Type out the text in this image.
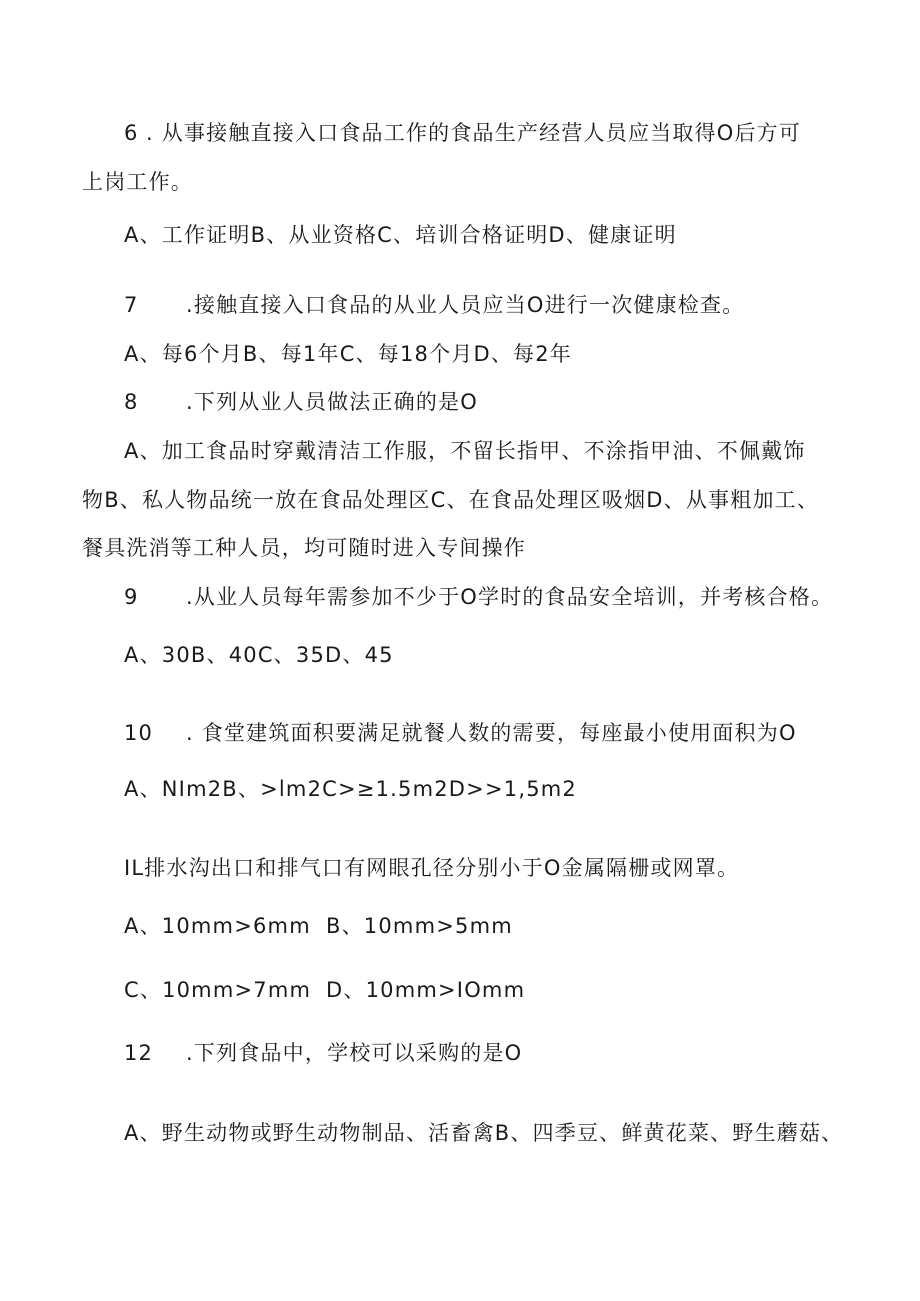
6 . 从事接触直接入口食品工作的食品生产经营人员应当取得O后方可
上岗工作。
A、工作证明B、从业资格C、培训合格证明D、健康证明
7 .接触直接入口食品的从业人员应当O进行一次健康检查。
A、每6个月B、每1年C、每18个月D、每2年
8 .下列从业人员做法正确的是O
A、加工食品时穿戴清洁工作服，不留长指甲、不涂指甲油、不佩戴饰
物B、私人物品统一放在食品处理区C、在食品处理区吸烟D、从事粗加工、
餐具洗消等工种人员，均可随时进入专间操作
9 .从业人员每年需参加不少于O学时的食品安全培训，并考核合格。
A、30B、40C、35D、45
10 . 食堂建筑面积要满足就餐人数的需要，每座最小使用面积为O
A、NIm2B、>lm2C>≥1.5m2D>>1,5m2
IL排水沟出口和排气口有网眼孔径分别小于O金属隔栅或网罩。
A、10mm>6mm B、10mm>5mm
C、10mm>7mm D、10mm>IOmm
12 .下列食品中，学校可以采购的是O
A、野生动物或野生动物制品、活畜禽B、四季豆、鲜黄花菜、野生蘑菇、
